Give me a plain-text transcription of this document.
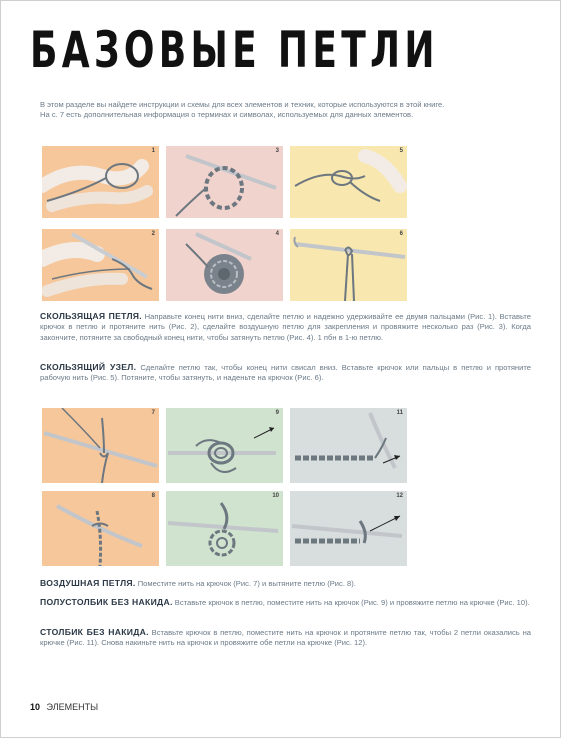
БАЗОВЫЕ ПЕТЛИ
В этом разделе вы найдете инструкции и схемы для всех элементов и техник, которые используются в этой книге.
На с. 7 есть дополнительная информация о терминах и символах, используемых для данных элементов.
1
2
3
4
5
6
СКОЛЬЗЯЩАЯ ПЕТЛЯ. Направьте конец нити вниз, сделайте петлю и надежно удерживайте ее двумя пальцами (Рис. 1). Вставьте крючок в петлю и протяните нить (Рис. 2), сделайте воздушную петлю для закрепления и провяжите несколько раз (Рис. 3). Когда закончите, потяните за свободный конец нити, чтобы затянуть петлю (Рис. 4). 1 пбн в 1-ю петлю.
СКОЛЬЗЯЩИЙ УЗЕЛ. Сделайте петлю так, чтобы конец нити свисал вниз. Вставьте крючок или пальцы в петлю и протяните рабочую нить (Рис. 5). Потяните, чтобы затянуть, и наденьте на крючок (Рис. 6).
7
8
9
10
11
12
ВОЗДУШНАЯ ПЕТЛЯ. Поместите нить на крючок (Рис. 7) и вытяните петлю (Рис. 8).
ПОЛУСТОЛБИК БЕЗ НАКИДА. Вставьте крючок в петлю, поместите нить на крючок (Рис. 9) и провяжите петлю на крючке (Рис. 10).
СТОЛБИК БЕЗ НАКИДА. Вставьте крючок в петлю, поместите нить на крючок и протяните петлю так, чтобы 2 петли оказались на крючке (Рис. 11). Снова накиньте нить на крючок и провяжите обе петли на крючке (Рис. 12).
10 ЭЛЕМЕНТЫ
